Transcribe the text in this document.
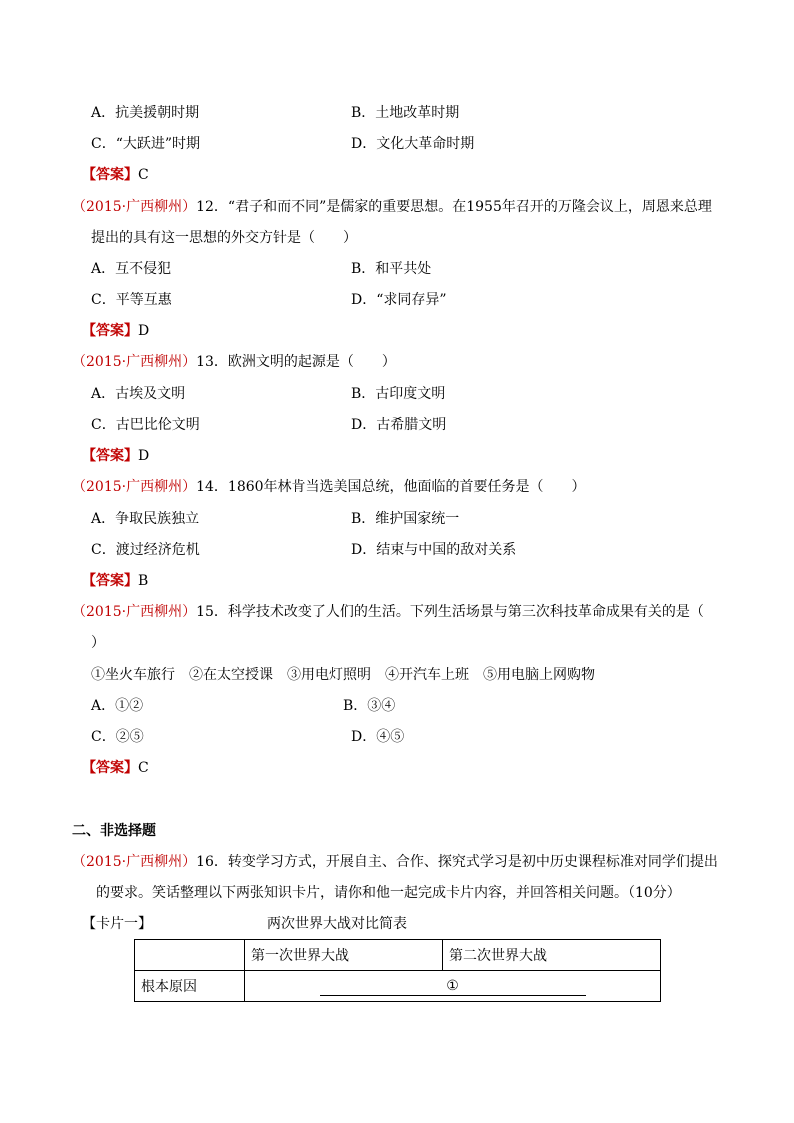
A．抗美援朝时期	B．土地改革时期
C．“大跃进”时期	D．文化大革命时期
【答案】C
（2015·广西柳州）12．“君子和而不同”是儒家的重要思想。在1955年召开的万隆会议上，周恩来总理
提出的具有这一思想的外交方针是（　　）
A．互不侵犯	B．和平共处
C．平等互惠	D．“求同存异”
【答案】D
（2015·广西柳州）13．欧洲文明的起源是（　　）
A．古埃及文明	B．古印度文明
C．古巴比伦文明	D．古希腊文明
【答案】D
（2015·广西柳州）14．1860年林肯当选美国总统，他面临的首要任务是（　　）
A．争取民族独立	B．维护国家统一
C．渡过经济危机	D．结束与中国的敌对关系
【答案】B
（2015·广西柳州）15．科学技术改变了人们的生活。下列生活场景与第三次科技革命成果有关的是（
）
①坐火车旅行　②在太空授课　③用电灯照明　④开汽车上班　⑤用电脑上网购物
A．①②	B．③④
C．②⑤	D．④⑤
【答案】C
二、非选择题
（2015·广西柳州）16．转变学习方式，开展自主、合作、探究式学习是初中历史课程标准对同学们提出
的要求。笑话整理以下两张知识卡片，请你和他一起完成卡片内容，并回答相关问题。（10分）
【卡片一】	两次世界大战对比简表
	第一次世界大战	第二次世界大战
根本原因	①	
